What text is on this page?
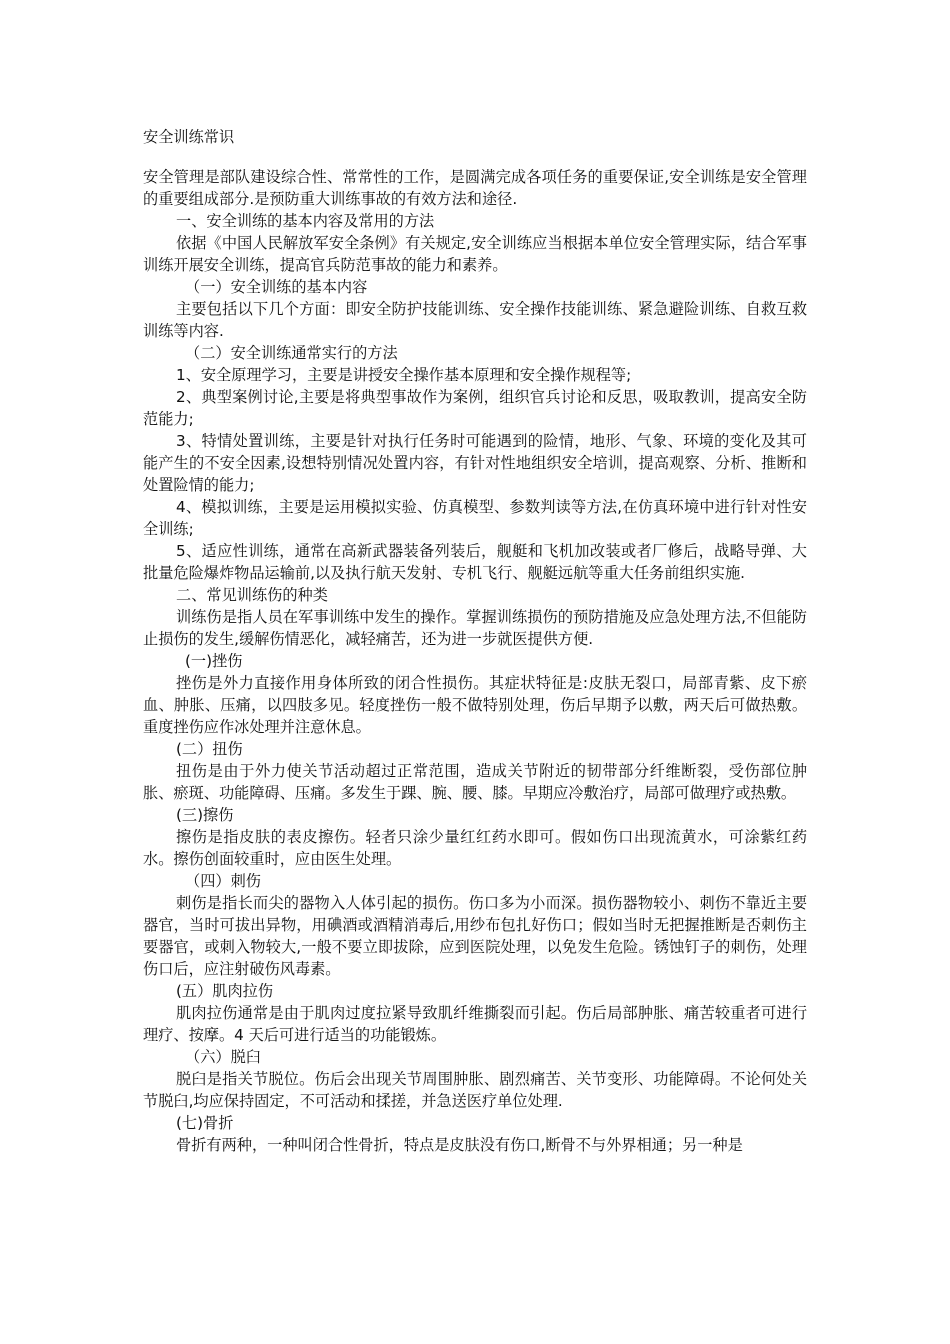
安全训练常识

安全管理是部队建设综合性、常常性的工作，是圆满完成各项任务的重要保证,安全训练是安全管理的重要组成部分.是预防重大训练事故的有效方法和途径.

一、安全训练的基本内容及常用的方法

依据《中国人民解放军安全条例》有关规定,安全训练应当根据本单位安全管理实际，结合军事训练开展安全训练，提高官兵防范事故的能力和素养。

（一）安全训练的基本内容

主要包括以下几个方面：即安全防护技能训练、安全操作技能训练、紧急避险训练、自救互救训练等内容.

（二）安全训练通常实行的方法

1、安全原理学习，主要是讲授安全操作基本原理和安全操作规程等;

2、典型案例讨论,主要是将典型事故作为案例，组织官兵讨论和反思，吸取教训，提高安全防范能力;

3、特情处置训练，主要是针对执行任务时可能遇到的险情，地形、气象、环境的变化及其可能产生的不安全因素,设想特别情况处置内容，有针对性地组织安全培训，提高观察、分析、推断和处置险情的能力;

4、模拟训练，主要是运用模拟实验、仿真模型、参数判读等方法,在仿真环境中进行针对性安全训练;

5、适应性训练，通常在高新武器装备列装后，舰艇和飞机加改装或者厂修后，战略导弹、大批量危险爆炸物品运输前,以及执行航天发射、专机飞行、舰艇远航等重大任务前组织实施.

二、常见训练伤的种类

训练伤是指人员在军事训练中发生的操作。掌握训练损伤的预防措施及应急处理方法,不但能防止损伤的发生,缓解伤情恶化，减轻痛苦，还为进一步就医提供方便.

(一)挫伤

挫伤是外力直接作用身体所致的闭合性损伤。其症状特征是:皮肤无裂口，局部青紫、皮下瘀血、肿胀、压痛，以四肢多见。轻度挫伤一般不做特别处理，伤后早期予以敷，两天后可做热敷。重度挫伤应作冰处理并注意休息。

(二）扭伤

扭伤是由于外力使关节活动超过正常范围，造成关节附近的韧带部分纤维断裂，受伤部位肿胀、瘀斑、功能障碍、压痛。多发生于踝、腕、腰、膝。早期应冷敷治疗，局部可做理疗或热敷。

(三)擦伤

擦伤是指皮肤的表皮擦伤。轻者只涂少量红红药水即可。假如伤口出现流黄水，可涂紫红药水。擦伤创面较重时，应由医生处理。

（四）刺伤

刺伤是指长而尖的器物入人体引起的损伤。伤口多为小而深。损伤器物较小、刺伤不靠近主要器官，当时可拔出异物，用碘酒或酒精消毒后,用纱布包扎好伤口；假如当时无把握推断是否刺伤主要器官，或刺入物较大,一般不要立即拔除，应到医院处理，以免发生危险。锈蚀钉子的刺伤，处理伤口后，应注射破伤风毒素。

(五）肌肉拉伤

肌肉拉伤通常是由于肌肉过度拉紧导致肌纤维撕裂而引起。伤后局部肿胀、痛苦较重者可进行理疗、按摩。4 天后可进行适当的功能锻炼。

（六）脱臼

脱臼是指关节脱位。伤后会出现关节周围肿胀、剧烈痛苦、关节变形、功能障碍。不论何处关节脱臼,均应保持固定，不可活动和揉搓，并急送医疗单位处理.

(七)骨折

骨折有两种，一种叫闭合性骨折，特点是皮肤没有伤口,断骨不与外界相通；另一种是
